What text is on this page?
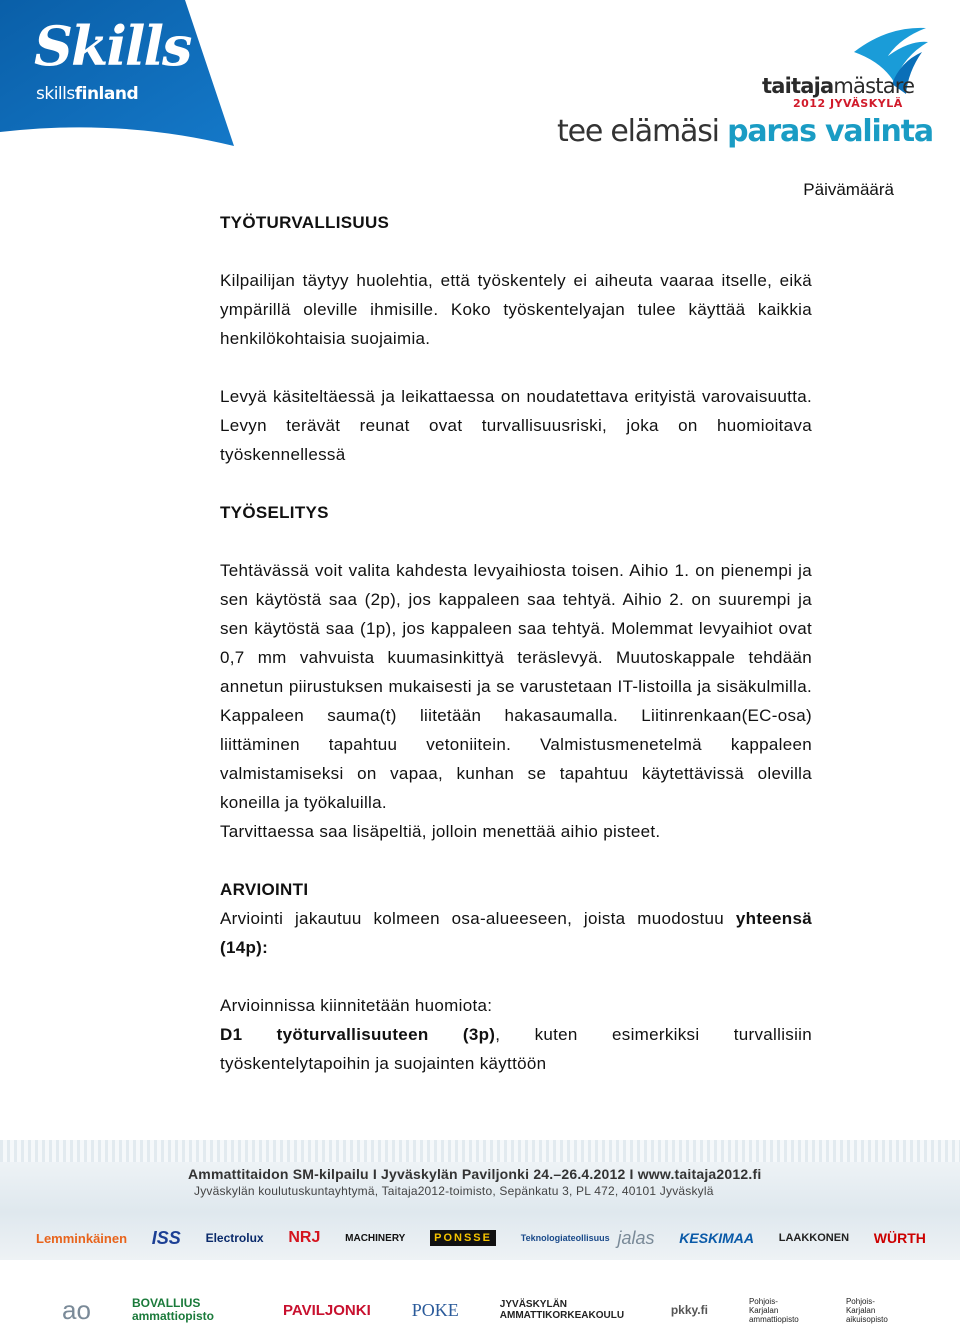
Skills
skillsfinland	taitajamästare
2012 JYVÄSKYLÄ
tee elämäsi paras valinta
Päivämäärä
TYÖTURVALLISUUS

Kilpailijan täytyy huolehtia, että työskentely ei aiheuta vaaraa itselle, eikä ympärillä oleville ihmisille. Koko työskentelyajan tulee käyttää kaikkia henkilökohtaisia suojaimia.

Levyä käsiteltäessä ja leikattaessa on noudatettava erityistä varovaisuutta. Levyn terävät reunat ovat turvallisuusriski, joka on huomioitava työskennellessä

TYÖSELITYS

Tehtävässä voit valita kahdesta levyaihiosta toisen. Aihio 1. on pienempi ja sen käytöstä saa (2p), jos kappaleen saa tehtyä. Aihio 2. on suurempi ja sen käytöstä saa (1p), jos kappaleen saa tehtyä. Molemmat levyaihiot ovat 0,7 mm vahvuista kuumasinkittyä teräslevyä. Muutoskappale tehdään annetun piirustuksen mukaisesti ja se varustetaan IT-listoilla ja sisäkulmilla. Kappaleen sauma(t) liitetään hakasaumalla. Liitinrenkaan(EC-osa) liittäminen tapahtuu vetoniitein. Valmistusmenetelmä kappaleen valmistamiseksi on vapaa, kunhan se tapahtuu käytettävissä olevilla koneilla ja työkaluilla.

Tarvittaessa saa lisäpeltiä, jolloin menettää aihio pisteet.

ARVIOINTI

Arviointi jakautuu kolmeen osa-alueeseen, joista muodostuu yhteensä (14p):

Arvioinnissa kiinnitetään huomiota:

D1 työturvallisuuteen (3p), kuten esimerkiksi turvallisiin työskentelytapoihin ja suojainten käyttöön

Ammattitaidon SM-kilpailu I Jyväskylän Paviljonki 24.–26.4.2012 I www.taitaja2012.fi
Jyväskylän koulutuskuntayhtymä, Taitaja2012-toimisto, Sepänkatu 3, PL 472, 40101 Jyväskylä
Lemminkäinen ISS Electrolux NRJ MACHINERY	PONSSE	Teknologiateollisuus jalas KESKIMAA LAAKKONEN WÜRTH
ao	BOVALLIUS ammattiopisto	PAVILJONKI POKE	JYVÄSKYLÄN AMMATTIKORKEAKOULU	pkky.fi
Pohjois-Karjalan ammattiopisto
Pohjois-Karjalan aikuisopisto
